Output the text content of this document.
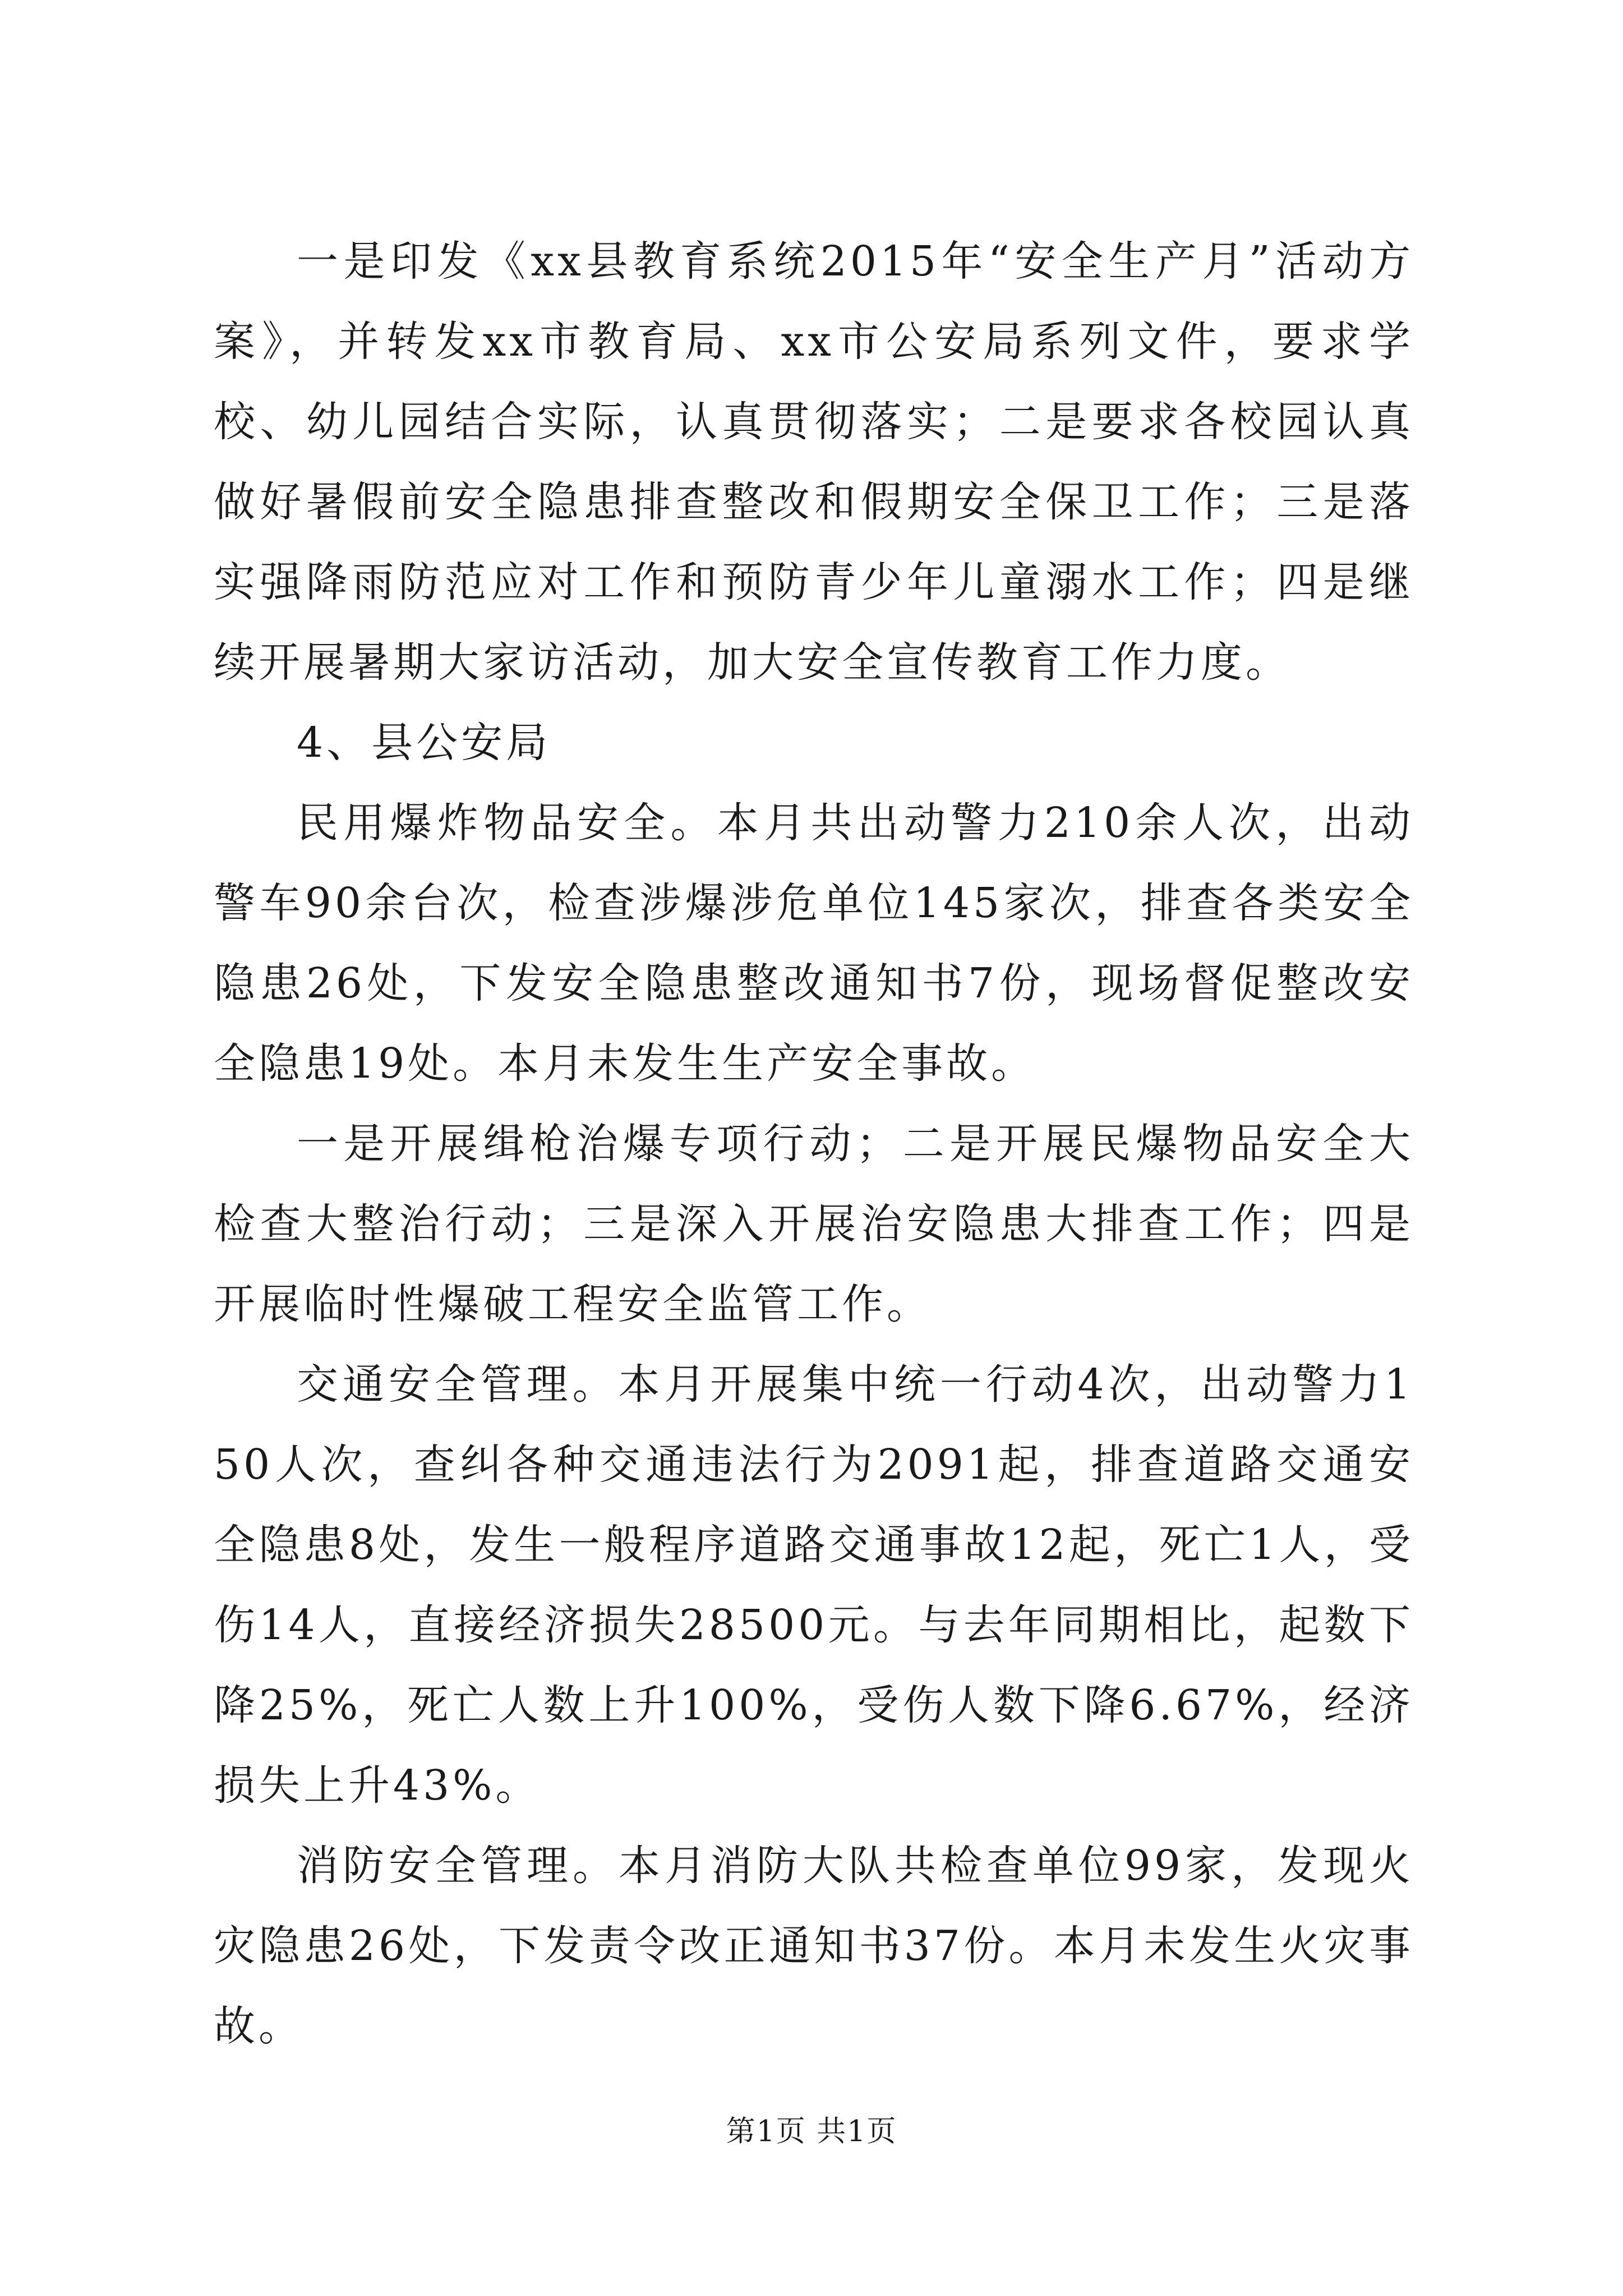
一是印发《xx县教育系统2015年“安全生产月”活动方案》，并转发xx市教育局、xx市公安局系列文件，要求学校、幼儿园结合实际，认真贯彻落实；二是要求各校园认真做好暑假前安全隐患排查整改和假期安全保卫工作；三是落实强降雨防范应对工作和预防青少年儿童溺水工作；四是继续开展暑期大家访活动，加大安全宣传教育工作力度。

4、县公安局

民用爆炸物品安全。本月共出动警力210余人次，出动警车90余台次，检查涉爆涉危单位145家次，排查各类安全隐患26处，下发安全隐患整改通知书7份，现场督促整改安全隐患19处。本月未发生生产安全事故。

一是开展缉枪治爆专项行动；二是开展民爆物品安全大检查大整治行动；三是深入开展治安隐患大排查工作；四是开展临时性爆破工程安全监管工作。

交通安全管理。本月开展集中统一行动4次，出动警力150人次，查纠各种交通违法行为2091起，排查道路交通安全隐患8处，发生一般程序道路交通事故12起，死亡1人，受伤14人，直接经济损失28500元。与去年同期相比，起数下降25%，死亡人数上升100%，受伤人数下降6.67%，经济损失上升43%。

消防安全管理。本月消防大队共检查单位99家，发现火灾隐患26处，下发责令改正通知书37份。本月未发生火灾事故。

第1页 共1页
